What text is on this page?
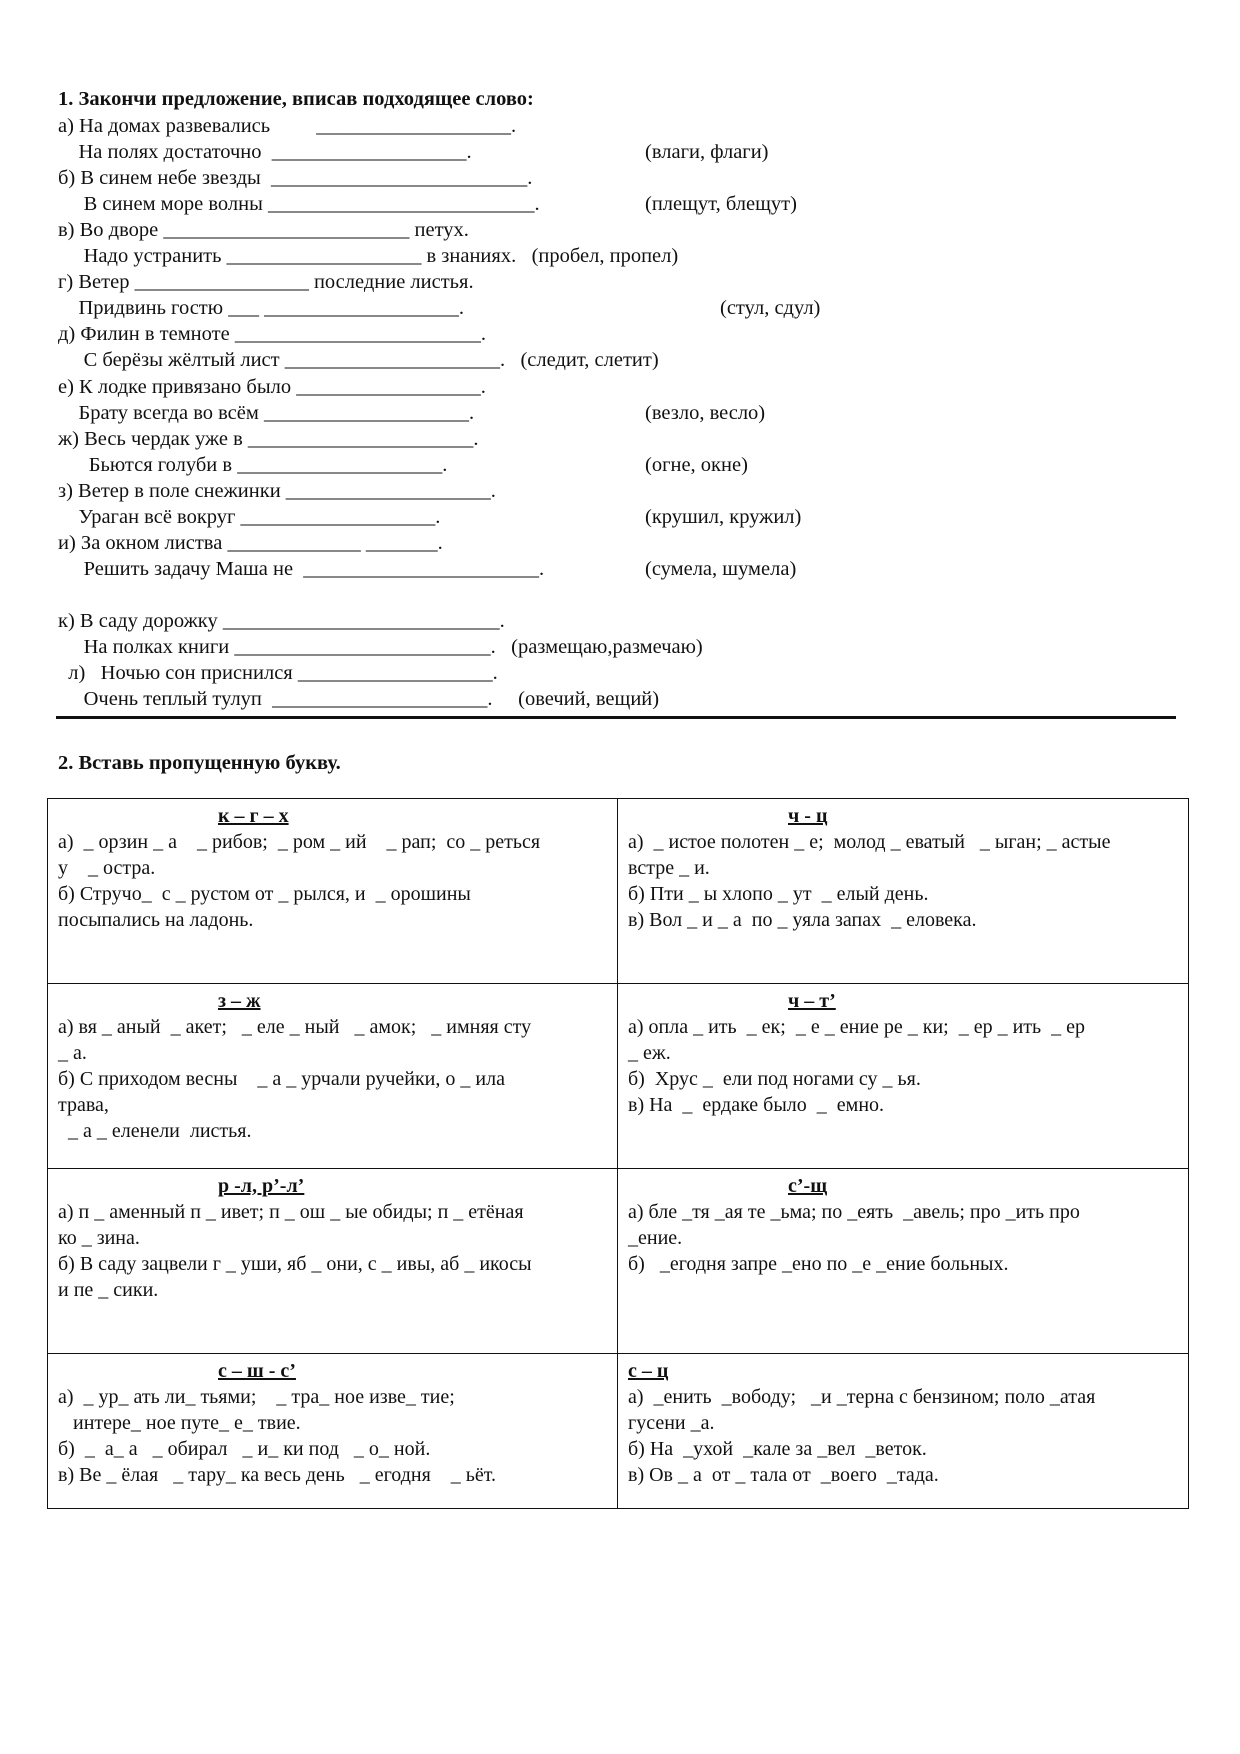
1. Закончи предложение, вписав подходящее слово:
а) На домах развевались         ___________________.
На полях достаточно  ___________________.
б) В синем небе звезды  _________________________.
В синем море волны __________________________.
в) Во дворе ________________________ петух.
Надо устранить ___________________ в знаниях.   (пробел, пропел)
г) Ветер _________________ последние листья.
Придвинь гостю ___ ___________________.
д) Филин в темноте ________________________.
С берёзы жёлтый лист _____________________.   (следит, слетит)
е) К лодке привязано было __________________.
Брату всегда во всём ____________________.
ж) Весь чердак уже в ______________________.
Бьются голуби в ____________________.
з) Ветер в поле снежинки ____________________.
Ураган всё вокруг ___________________.
и) За окном листва _____________ _______.
Решить задачу Маша не  _______________________.
к) В саду дорожку ___________________________.
На полках книги _________________________.   (размещаю,размечаю)
л)   Ночью сон приснился ___________________.
Очень теплый тулуп  _____________________.     (овечий, вещий)
(влаги, флаги)
(плещут, блещут)
(стул, сдул)
(везло, весло)
(огне, окне)
(крушил, кружил)
(сумела, шумела)
2. Вставь пропущенную букву.
к – г – х
а)  _ орзин _ а    _ рибов;  _ ром _ ий    _ рап;  со _ реться
у    _ остра.
б) Стручо_  с _ рустом от _ рылся, и  _ орошины
посыпались на ладонь.
ч - ц
а)  _ истое полотен _ е;  молод _ еватый   _ ыган; _ астые
встре _ и.
б) Пти _ ы хлопо _ ут  _ елый день.
в) Вол _ и _ а  по _ уяла запах  _ еловека.
з – ж
а) вя _ аный  _ акет;   _ еле _ ный   _ амок;   _ имняя сту
_ а.
б) С приходом весны    _ а _ урчали ручейки, о _ ила
трава,
_ а _ еленели  листья.
ч – т’
а) опла _ ить  _ ек;  _ е _ ение ре _ ки;  _ ер _ ить  _ ер
_ еж.
б)  Хрус _  ели под ногами су _ ья.
в) На  _  ердаке было  _  емно.
р -л, р’-л’
а) п _ аменный п _ ивет; п _ ош _ ые обиды; п _ етёная
ко _ зина.
б) В саду зацвели г _ уши, яб _ они, с _ ивы, аб _ икосы
и пе _ сики.
с’-щ
а) бле _тя _ая те _ьма; по _еять  _авель; про _ить про
_ение.
б)   _егодня запре _ено по _е _ение больных.
с – ш - с’
а)  _ ур_ ать ли_ тьями;    _ тра_ ное изве_ тие;
интере_ ное путе_ е_ твие.
б)  _  а_ а   _ обирал   _ и_ ки под   _ о_ ной.
в) Ве _ ёлая   _ тару_ ка весь день   _ егодня    _ ьёт.
с – ц
а)  _енить  _вободу;   _и _терна с бензином; поло _атая
гусени _а.
б) На  _ухой  _кале за _вел  _веток.
в) Ов _ а  от _ тала от  _воего  _тада.
